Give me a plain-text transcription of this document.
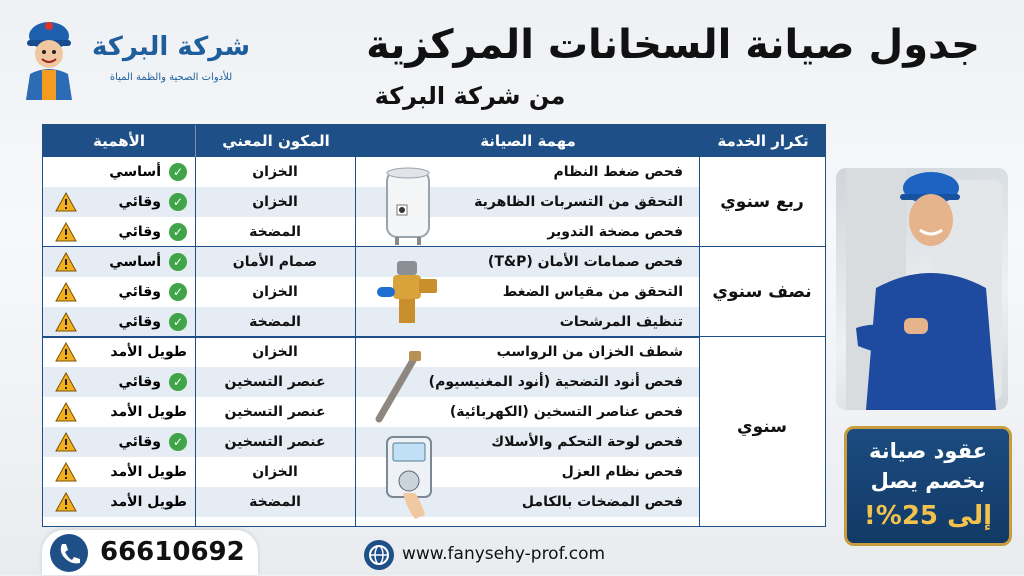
جدول صيانة السخانات المركزية
من شركة البركة
شركة البركة
للأدوات الصحية والظمة المياة
تكرار الخدمة
مهمة الصيانة
المكون المعني
الأهمية
فحص ضغط النظام
الخزان
✓
أساسي
التحقق من التسربات الظاهرية
الخزان
✓
وقائي
فحص مضخة التدوير
المضخة
✓
وقائي
ربع سنوي
فحص صمامات الأمان (T&P)
صمام الأمان
✓
أساسي
التحقق من مقياس الضغط
الخزان
✓
وقائي
تنظيف المرشحات
المضخة
✓
وقائي
نصف سنوي
شطف الخزان من الرواسب
الخزان
طويل الأمد
فحص أنود التضحية (أنود المغنيسيوم)
عنصر التسخين
✓
وقائي
فحص عناصر التسخين (الكهربائية)
عنصر التسخين
طويل الأمد
فحص لوحة التحكم والأسلاك
عنصر التسخين
✓
وقائي
فحص نظام العزل
الخزان
طويل الأمد
فحص المضخات بالكامل
المضخة
طويل الأمد
سنوي
عقود صيانة
بخصم يصل
إلى 25%!
66610692	www.fanysehy-prof.com
